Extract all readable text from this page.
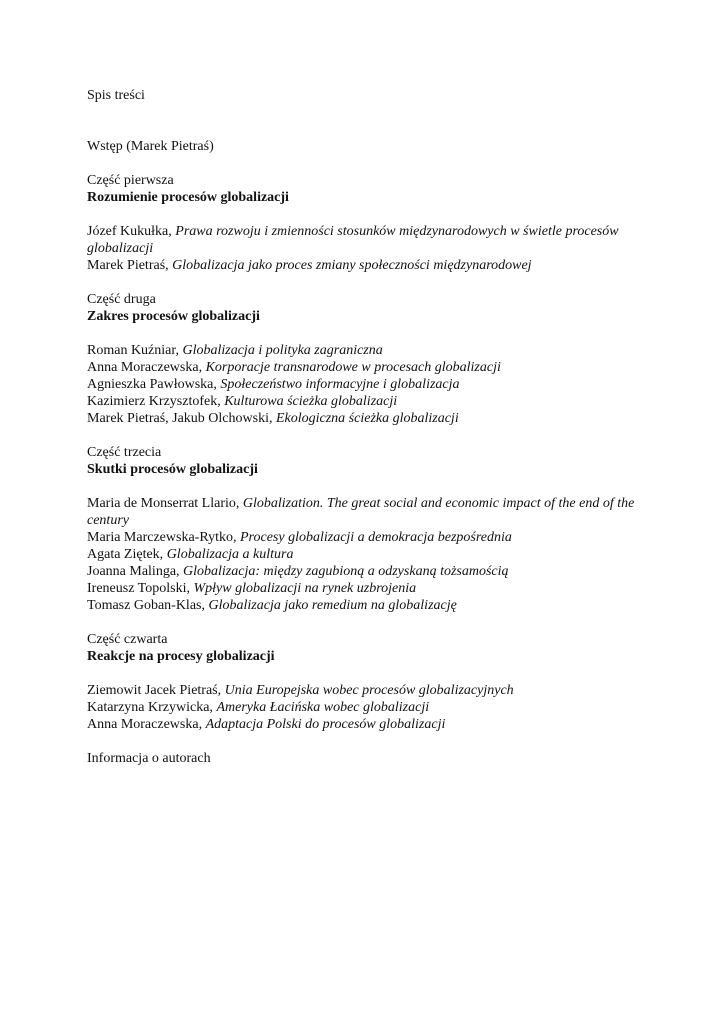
Spis treści
Wstęp (Marek Pietraś)
Część pierwsza
Rozumienie procesów globalizacji
Józef Kukułka, Prawa rozwoju i zmienności stosunków międzynarodowych w świetle procesów globalizacji
Marek Pietraś, Globalizacja jako proces zmiany społeczności międzynarodowej
Część druga
Zakres procesów globalizacji
Roman Kuźniar, Globalizacja i polityka zagraniczna
Anna Moraczewska, Korporacje transnarodowe w procesach globalizacji
Agnieszka Pawłowska, Społeczeństwo informacyjne i globalizacja
Kazimierz Krzysztofek, Kulturowa ścieżka globalizacji
Marek Pietraś, Jakub Olchowski, Ekologiczna ścieżka globalizacji
Część trzecia
Skutki procesów globalizacji
Maria de Monserrat Llario, Globalization. The great social and economic impact of the end of the century
Maria Marczewska-Rytko, Procesy globalizacji a demokracja bezpośrednia
Agata Ziętek, Globalizacja a kultura
Joanna Malinga, Globalizacja: między zagubioną a odzyskaną tożsamością
Ireneusz Topolski, Wpływ globalizacji na rynek uzbrojenia
Tomasz Goban-Klas, Globalizacja jako remedium na globalizację
Część czwarta
Reakcje na procesy globalizacji
Ziemowit Jacek Pietraś, Unia Europejska wobec procesów globalizacyjnych
Katarzyna Krzywicka, Ameryka Łacińska wobec globalizacji
Anna Moraczewska, Adaptacja Polski do procesów globalizacji
Informacja o autorach
